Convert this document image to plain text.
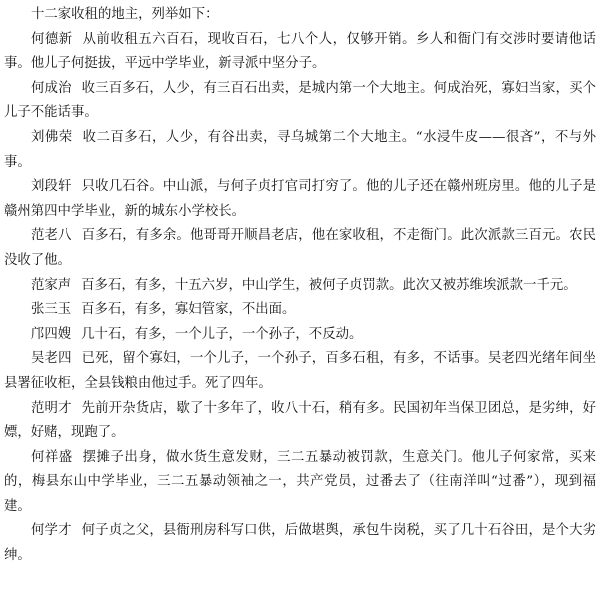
十二家收租的地主，列举如下：

何德新 从前收租五六百石，现收百石，七八个人，仅够开销。乡人和衙门有交涉时要请他话事。他儿子何挺拔，平远中学毕业，新寻派中坚分子。

何成治 收三百多石，人少，有三百石出卖，是城内第一个大地主。何成治死，寡妇当家，买个儿子不能话事。

刘佛荣 收二百多石，人少，有谷出卖，寻乌城第二个大地主。“水浸牛皮——很吝”，不与外事。

刘段轩 只收几石谷。中山派，与何子贞打官司打穷了。他的儿子还在赣州班房里。他的儿子是赣州第四中学毕业，新的城东小学校长。

范老八 百多石，有多余。他哥哥开顺昌老店，他在家收租，不走衙门。此次派款三百元。农民没收了他。

范家声 百多石，有多，十五六岁，中山学生，被何子贞罚款。此次又被苏维埃派款一千元。

张三玉 百多石，有多，寡妇管家，不出面。

邝四嫂 几十石，有多，一个儿子，一个孙子，不反动。

吴老四 已死，留个寡妇，一个儿子，一个孙子，百多石租，有多，不话事。吴老四光绪年间坐县署征收柜，全县钱粮由他过手。死了四年。

范明才 先前开杂货店，歇了十多年了，收八十石，稍有多。民国初年当保卫团总，是劣绅，好嫖，好赌，现跑了。

何祥盛 摆摊子出身，做水货生意发财，三二五暴动被罚款，生意关门。他儿子何家常，买来的，梅县东山中学毕业，三二五暴动领袖之一，共产党员，过番去了（往南洋叫“过番”），现到福建。

何学才 何子贞之父，县衙刑房科写口供，后做堪舆，承包牛岗税，买了几十石谷田，是个大劣绅。
